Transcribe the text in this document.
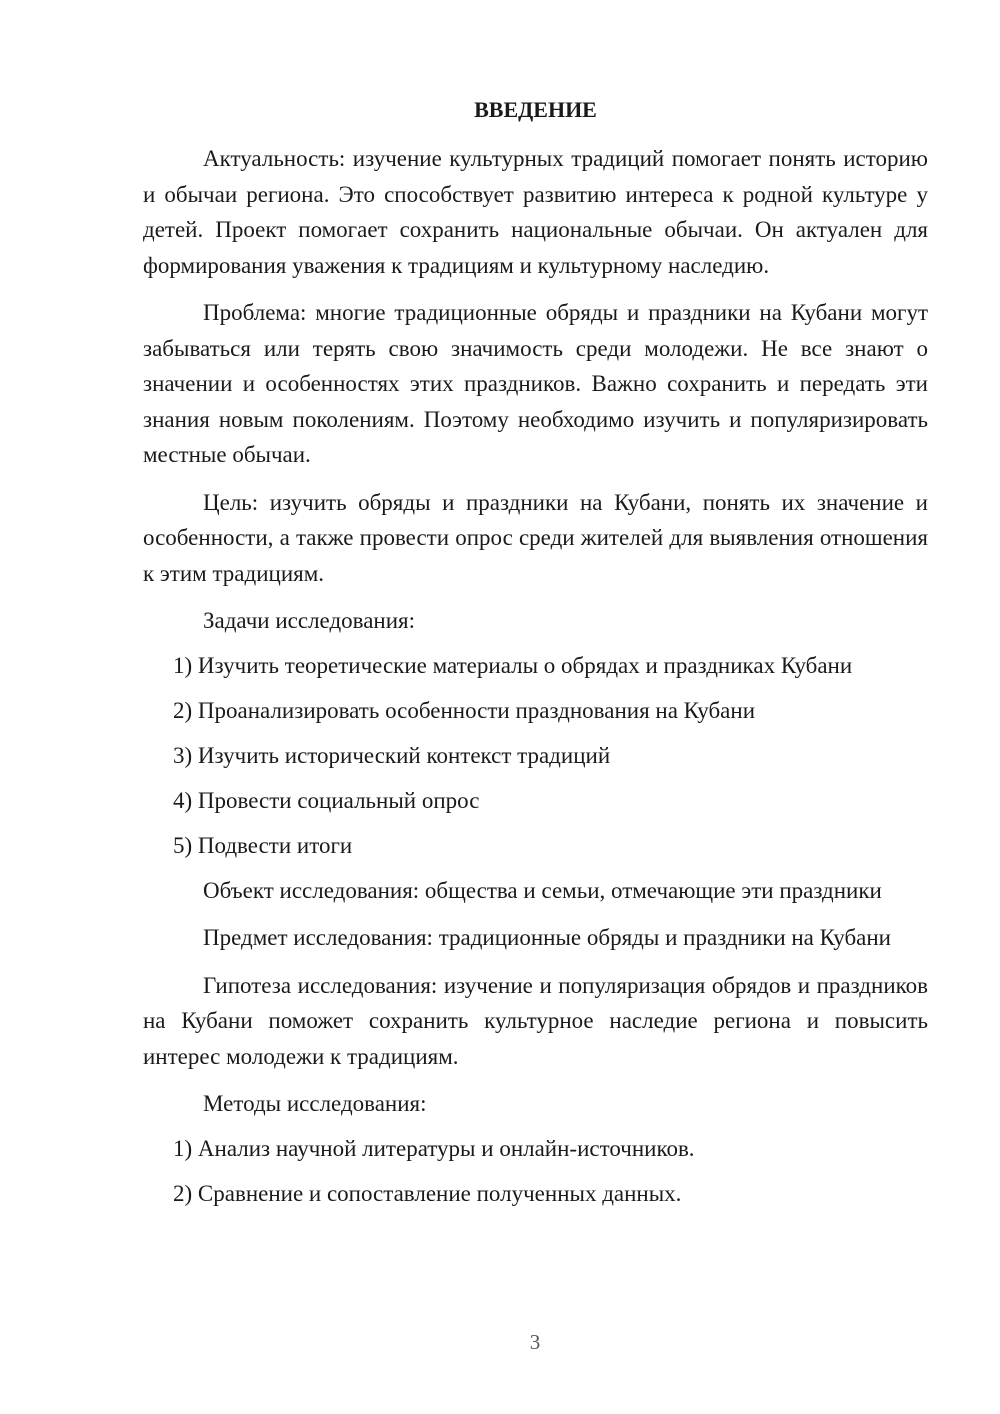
ВВЕДЕНИЕ

Актуальность: изучение культурных традиций помогает понять историю и обычаи региона. Это способствует развитию интереса к родной культуре у детей. Проект помогает сохранить национальные обычаи. Он актуален для формирования уважения к традициям и культурному наследию.

Проблема: многие традиционные обряды и праздники на Кубани могут забываться или терять свою значимость среди молодежи. Не все знают о значении и особенностях этих праздников. Важно сохранить и передать эти знания новым поколениям. Поэтому необходимо изучить и популяризировать местные обычаи.

Цель: изучить обряды и праздники на Кубани, понять их значение и особенности, а также провести опрос среди жителей для выявления отношения к этим традициям.

Задачи исследования:

1) Изучить теоретические материалы о обрядах и праздниках Кубани
2) Проанализировать особенности празднования на Кубани
3) Изучить исторический контекст традиций
4) Провести социальный опрос
5) Подвести итоги

Объект исследования: общества и семьи, отмечающие эти праздники

Предмет исследования: традиционные обряды и праздники на Кубани

Гипотеза исследования: изучение и популяризация обрядов и праздников на Кубани поможет сохранить культурное наследие региона и повысить интерес молодежи к традициям.

Методы исследования:

1) Анализ научной литературы и онлайн-источников.
2) Сравнение и сопоставление полученных данных.
3
